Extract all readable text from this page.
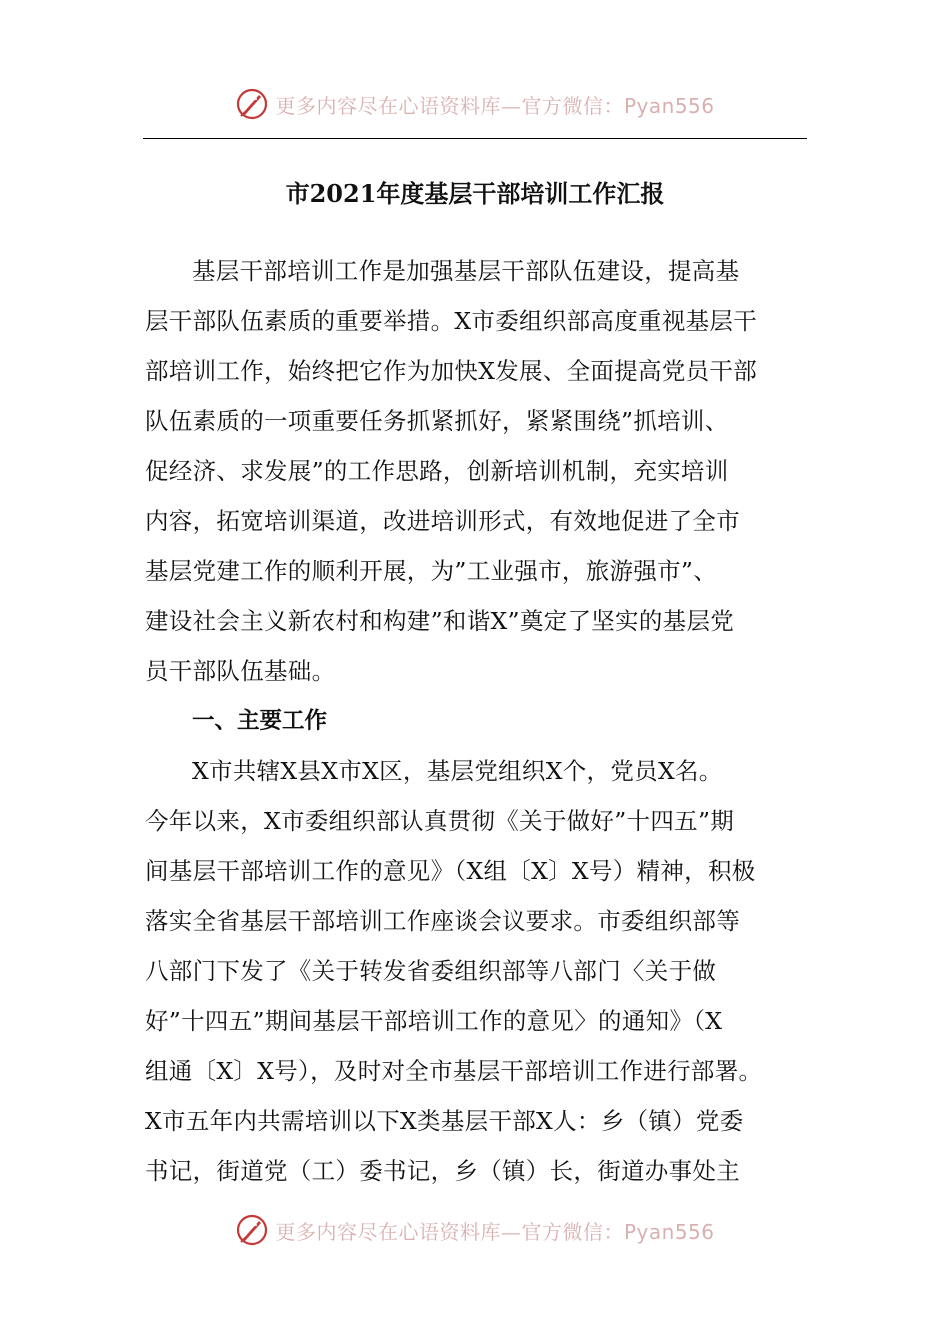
更多内容尽在心语资料库—官方微信：Pyan556
市2021年度基层干部培训工作汇报
基层干部培训工作是加强基层干部队伍建设，提高基
层干部队伍素质的重要举措。X市委组织部高度重视基层干
部培训工作，始终把它作为加快X发展、全面提高党员干部
队伍素质的一项重要任务抓紧抓好，紧紧围绕”抓培训、
促经济、求发展”的工作思路，创新培训机制，充实培训
内容，拓宽培训渠道，改进培训形式，有效地促进了全市
基层党建工作的顺利开展，为”工业强市，旅游强市”、
建设社会主义新农村和构建”和谐X”奠定了坚实的基层党
员干部队伍基础。
一、主要工作
X市共辖X县X市X区，基层党组织X个，党员X名。
今年以来，X市委组织部认真贯彻《关于做好”十四五”期
间基层干部培训工作的意见》（X组〔X〕X号）精神，积极
落实全省基层干部培训工作座谈会议要求。市委组织部等
八部门下发了《关于转发省委组织部等八部门〈关于做
好”十四五”期间基层干部培训工作的意见〉的通知》（X
组通〔X〕X号），及时对全市基层干部培训工作进行部署。
X市五年内共需培训以下X类基层干部X人：乡（镇）党委
书记，街道党（工）委书记，乡（镇）长，街道办事处主
更多内容尽在心语资料库—官方微信：Pyan556
